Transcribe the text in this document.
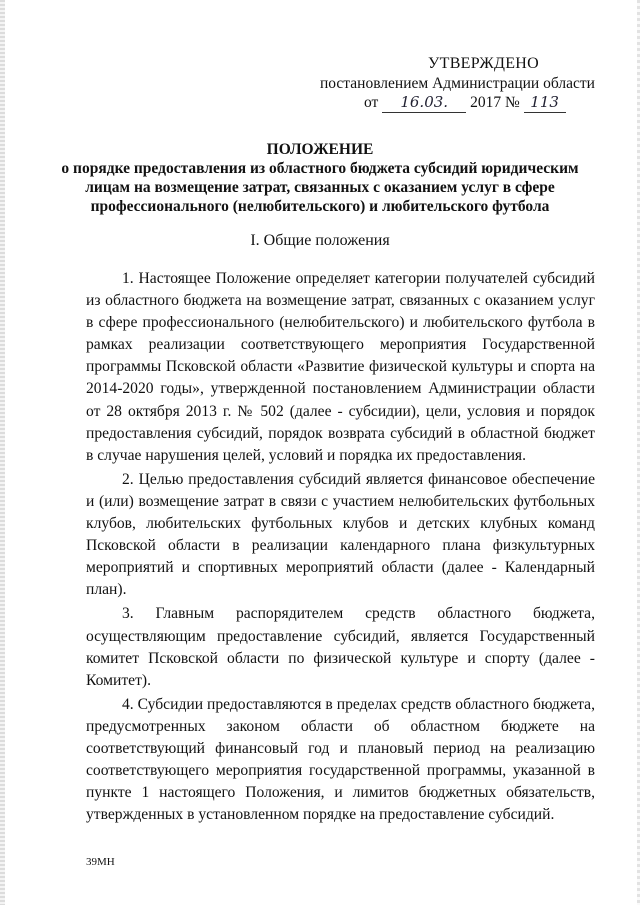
УТВЕРЖДЕНО
постановлением Администрации области
от 16.03. 2017 № 113
ПОЛОЖЕНИЕ
о порядке предоставления из областного бюджета субсидий юридическим
лицам на возмещение затрат, связанных с оказанием услуг в сфере
профессионального (нелюбительского) и любительского футбола
I. Общие положения

1. Настоящее Положение определяет категории получателей субсидий из областного бюджета на возмещение затрат, связанных с оказанием услуг в сфере профессионального (нелюбительского) и любительского футбола в рамках реализации соответствующего мероприятия Государственной программы Псковской области «Развитие физической культуры и спорта на 2014-2020 годы», утвержденной постановлением Администрации области от 28 октября 2013 г. № 502 (далее - субсидии), цели, условия и порядок предоставления субсидий, порядок возврата субсидий в областной бюджет в случае нарушения целей, условий и порядка их предоставления.

2. Целью предоставления субсидий является финансовое обеспечение и (или) возмещение затрат в связи с участием нелюбительских футбольных клубов, любительских футбольных клубов и детских клубных команд Псковской области в реализации календарного плана физкультурных мероприятий и спортивных мероприятий области (далее - Календарный план).

3. Главным распорядителем средств областного бюджета, осуществляющим предоставление субсидий, является Государственный комитет Псковской области по физической культуре и спорту (далее - Комитет).

4. Субсидии предоставляются в пределах средств областного бюджета, предусмотренных законом области об областном бюджете на соответствующий финансовый год и плановый период на реализацию соответствующего мероприятия государственной программы, указанной в пункте 1 настоящего Положения, и лимитов бюджетных обязательств, утвержденных в установленном порядке на предоставление субсидий.

39МН
